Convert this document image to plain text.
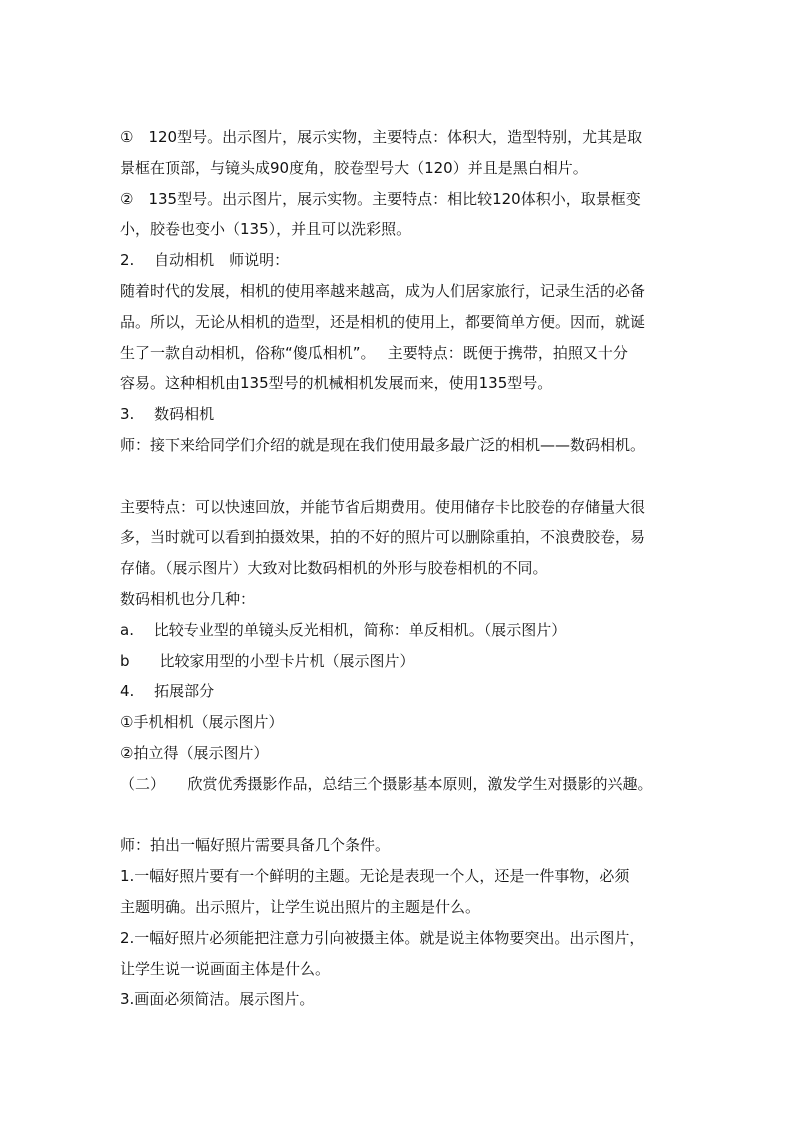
①　120型号。出示图片，展示实物，主要特点：体积大，造型特别，尤其是取
景框在顶部，与镜头成90度角，胶卷型号大（120）并且是黑白相片。
②　135型号。出示图片，展示实物。主要特点：相比较120体积小，取景框变
小，胶卷也变小（135），并且可以洗彩照。
2.　 自动相机　师说明：
随着时代的发展，相机的使用率越来越高，成为人们居家旅行，记录生活的必备
品。所以，无论从相机的造型，还是相机的使用上，都要简单方便。因而，就诞
生了一款自动相机，俗称“傻瓜相机”。　 主要特点：既便于携带，拍照又十分
容易。这种相机由135型号的机械相机发展而来，使用135型号。
3.　 数码相机
师：接下来给同学们介绍的就是现在我们使用最多最广泛的相机——数码相机。
主要特点：可以快速回放，并能节省后期费用。使用储存卡比胶卷的存储量大很
多，当时就可以看到拍摄效果，拍的不好的照片可以删除重拍，不浪费胶卷，易
存储。（展示图片）大致对比数码相机的外形与胶卷相机的不同。
数码相机也分几种：
a.　 比较专业型的单镜头反光相机，简称：单反相机。（展示图片）
b　　比较家用型的小型卡片机（展示图片）
4.　 拓展部分
①手机相机（展示图片）
②拍立得（展示图片）
（二）　　欣赏优秀摄影作品，总结三个摄影基本原则，激发学生对摄影的兴趣。
师：拍出一幅好照片需要具备几个条件。
1.一幅好照片要有一个鲜明的主题。无论是表现一个人，还是一件事物，必须
主题明确。出示照片，让学生说出照片的主题是什么。
2.一幅好照片必须能把注意力引向被摄主体。就是说主体物要突出。出示图片，
让学生说一说画面主体是什么。
3.画面必须简洁。展示图片。
